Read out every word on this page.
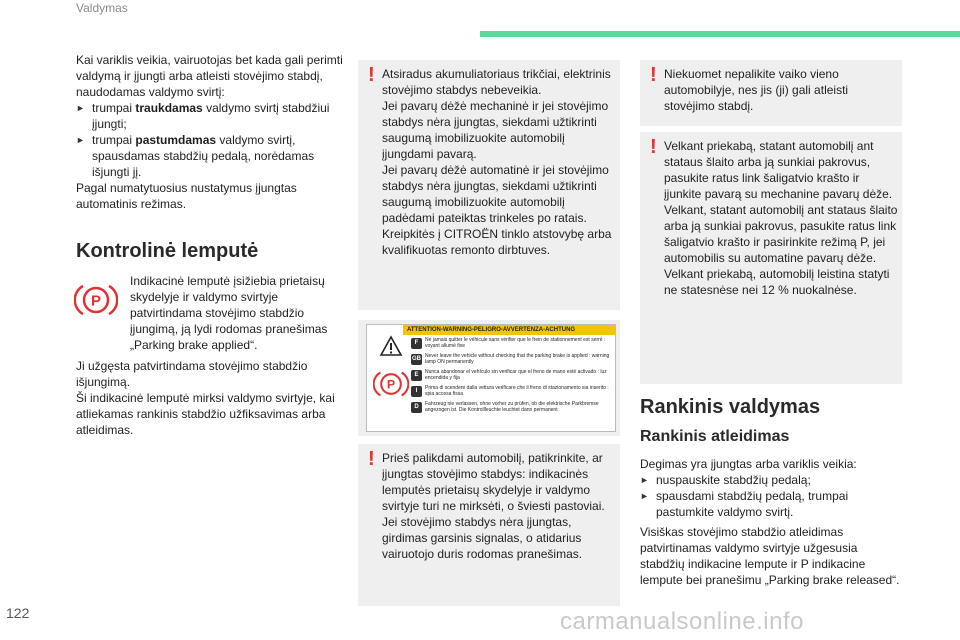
Valdymas
Kai variklis veikia, vairuotojas bet kada gali perimti valdymą ir įjungti arba atleisti stovėjimo stabdį, naudodamas valdymo svirtį:
► trumpai traukdamas valdymo svirtį stabdžiui įjungti;
► trumpai pastumdamas valdymo svirtį, spausdamas stabdžių pedalą, norėdamas išjungti jį.
Pagal numatytuosius nustatymus įjungtas automatinis režimas.
Kontrolinė lemputė
P
Indikacinė lemputė įsižiebia prietaisų skydelyje ir valdymo svirtyje patvirtindama stovėjimo stabdžio įjungimą, ją lydi rodomas pranešimas „Parking brake applied“.
Ji užgęsta patvirtindama stovėjimo stabdžio išjungimą.
Ši indikacinė lemputė mirksi valdymo svirtyje, kai atliekamas rankinis stabdžio užfiksavimas arba atleidimas.
! Atsiradus akumuliatoriaus trikčiai, elektrinis stovėjimo stabdys nebeveikia.
Jei pavarų dėžė mechaninė ir jei stovėjimo stabdys nėra įjungtas, siekdami užtikrinti saugumą imobilizuokite automobilį įjungdami pavarą.
Jei pavarų dėžė automatinė ir jei stovėjimo stabdys nėra įjungtas, siekdami užtikrinti saugumą imobilizuokite automobilį padėdami pateiktas trinkeles po ratais.
Kreipkitės į CITROËN tinklo atstovybę arba kvalifikuotas remonto dirbtuves.
ATTENTION-WARNING-PELIGRO-AVVERTENZA-ACHTUNG
P
F	Ne jamais quitter le véhicule sans vérifier que le frein de stationnement est serré : voyant allumé fixe
GB Never leave the vehicle without checking that the parking brake is applied : warning lamp ON permanently
E	Nunca abandonar el vehículo sin verificar que el freno de mano esté activado : luz encendida y fija
I	Prima di scendere dalla vettura verificare che il freno di stazionamento sia inserito : spia accesa fissa
D	Fahrzeug nie verlassen, ohne vorher zu prüfen, ob die elektrische Parkbremse angezogen ist. Die Kontrollleuchte leuchtet dann permanent
! Prieš palikdami automobilį, patikrinkite, ar įjungtas stovėjimo stabdys: indikacinės lemputės prietaisų skydelyje ir valdymo svirtyje turi ne mirksėti, o šviesti pastoviai.
Jei stovėjimo stabdys nėra įjungtas, girdimas garsinis signalas, o atidarius vairuotojo duris rodomas pranešimas.
! Niekuomet nepalikite vaiko vieno automobilyje, nes jis (ji) gali atleisti stovėjimo stabdį.
! Velkant priekabą, statant automobilį ant stataus šlaito arba ją sunkiai pakrovus, pasukite ratus link šaligatvio krašto ir įjunkite pavarą su mechanine pavarų dėže.
Velkant, statant automobilį ant stataus šlaito arba ją sunkiai pakrovus, pasukite ratus link šaligatvio krašto ir pasirinkite režimą P, jei automobilis su automatine pavarų dėže.
Velkant priekabą, automobilį leistina statyti ne statesnėse nei 12 % nuokalnėse.
Rankinis valdymas
Rankinis atleidimas
Degimas yra įjungtas arba variklis veikia:
► nuspauskite stabdžių pedalą;
► spausdami stabdžių pedalą, trumpai pastumkite valdymo svirtį.
Visiškas stovėjimo stabdžio atleidimas patvirtinamas valdymo svirtyje užgesusia stabdžių indikacine lempute ir P indikacine lempute bei pranešimu „Parking brake released“.
122	carmanualsonline.info
